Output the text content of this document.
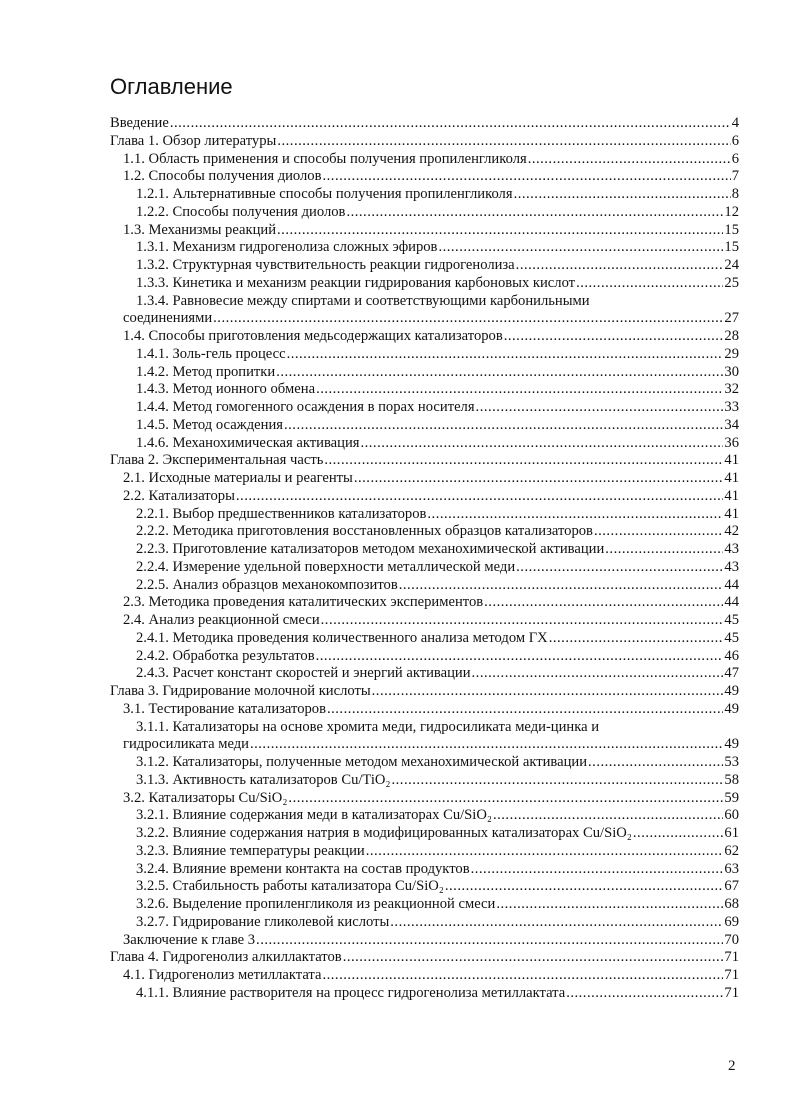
Оглавление
Введение .....	4
Глава 1. Обзор литературы .....	6
1.1. Область применения и способы получения пропиленгликоля .....	6
1.2. Способы получения диолов .....	7
1.2.1. Альтернативные способы получения пропиленгликоля .....	8
1.2.2. Способы получения диолов .....	12
1.3. Механизмы реакций .....	15
1.3.1. Механизм гидрогенолиза сложных эфиров .....	15
1.3.2. Структурная чувствительность реакции гидрогенолиза .....	24
1.3.3. Кинетика и механизм реакции гидрирования карбоновых кислот .....	25
1.3.4. Равновесие между спиртами и соответствующими карбонильными
соединениями .....	27
1.4. Способы приготовления медьсодержащих катализаторов .....	28
1.4.1. Золь-гель процесс .....	29
1.4.2. Метод пропитки .....	30
1.4.3. Метод ионного обмена .....	32
1.4.4. Метод гомогенного осаждения в порах носителя .....	33
1.4.5. Метод осаждения .....	34
1.4.6. Механохимическая активация .....	36
Глава 2. Экспериментальная часть .....	41
2.1. Исходные материалы и реагенты .....	41
2.2. Катализаторы .....	41
2.2.1. Выбор предшественников катализаторов .....	41
2.2.2. Методика приготовления восстановленных образцов катализаторов .....	42
2.2.3. Приготовление катализаторов методом механохимической активации .....	43
2.2.4. Измерение удельной поверхности металлической меди .....	43
2.2.5. Анализ образцов механокомпозитов .....	44
2.3. Методика проведения каталитических экспериментов .....	44
2.4. Анализ реакционной смеси .....	45
2.4.1. Методика проведения количественного анализа методом ГХ .....	45
2.4.2. Обработка результатов .....	46
2.4.3. Расчет констант скоростей и энергий активации .....	47
Глава 3. Гидрирование молочной кислоты .....	49
3.1. Тестирование катализаторов .....	49
3.1.1. Катализаторы на основе хромита меди, гидросиликата меди-цинка и
гидросиликата меди .....	49
3.1.2. Катализаторы, полученные методом механохимической активации .....	53
3.1.3. Активность катализаторов Cu/TiO₂ .....	58
3.2. Катализаторы Cu/SiO₂ .....	59
3.2.1. Влияние содержания меди в катализаторах Cu/SiO₂ .....	60
3.2.2. Влияние содержания натрия в модифицированных катализаторах Cu/SiO₂ .....	61
3.2.3. Влияние температуры реакции .....	62
3.2.4. Влияние времени контакта на состав продуктов .....	63
3.2.5. Стабильность работы катализатора Cu/SiO₂ .....	67
3.2.6. Выделение пропиленгликоля из реакционной смеси .....	68
3.2.7. Гидрирование гликолевой кислоты .....	69
Заключение к главе 3 .....	70
Глава 4. Гидрогенолиз алкиллактатов .....	71
4.1. Гидрогенолиз метиллактата .....	71
4.1.1. Влияние растворителя на процесс гидрогенолиза метиллактата .....	71
2
